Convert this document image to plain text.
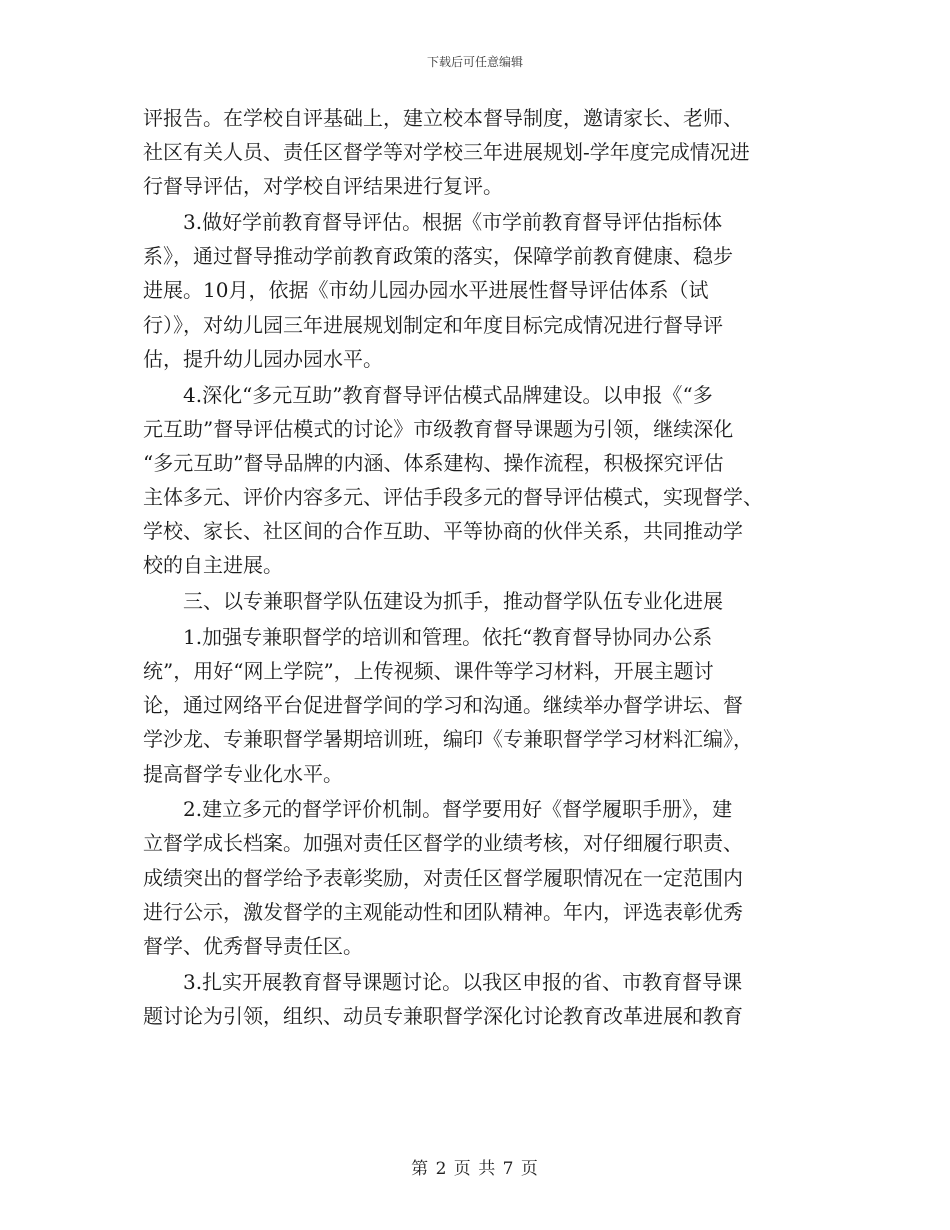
下载后可任意编辑
评报告。在学校自评基础上，建立校本督导制度，邀请家长、老师、
社区有关人员、责任区督学等对学校三年进展规划-学年度完成情况进
行督导评估，对学校自评结果进行复评。
3.做好学前教育督导评估。根据《市学前教育督导评估指标体
系》，通过督导推动学前教育政策的落实，保障学前教育健康、稳步
进展。10月，依据《市幼儿园办园水平进展性督导评估体系（试
行）》，对幼儿园三年进展规划制定和年度目标完成情况进行督导评
估，提升幼儿园办园水平。
4.深化“多元互助”教育督导评估模式品牌建设。以申报《“多
元互助”督导评估模式的讨论》市级教育督导课题为引领，继续深化
“多元互助”督导品牌的内涵、体系建构、操作流程，积极探究评估
主体多元、评价内容多元、评估手段多元的督导评估模式，实现督学、
学校、家长、社区间的合作互助、平等协商的伙伴关系，共同推动学
校的自主进展。
三、以专兼职督学队伍建设为抓手，推动督学队伍专业化进展
1.加强专兼职督学的培训和管理。依托“教育督导协同办公系
统”，用好“网上学院”，上传视频、课件等学习材料，开展主题讨
论，通过网络平台促进督学间的学习和沟通。继续举办督学讲坛、督
学沙龙、专兼职督学暑期培训班，编印《专兼职督学学习材料汇编》，
提高督学专业化水平。
2.建立多元的督学评价机制。督学要用好《督学履职手册》，建
立督学成长档案。加强对责任区督学的业绩考核，对仔细履行职责、
成绩突出的督学给予表彰奖励，对责任区督学履职情况在一定范围内
进行公示，激发督学的主观能动性和团队精神。年内，评选表彰优秀
督学、优秀督导责任区。
3.扎实开展教育督导课题讨论。以我区申报的省、市教育督导课
题讨论为引领，组织、动员专兼职督学深化讨论教育改革进展和教育
第 2 页 共 7 页
